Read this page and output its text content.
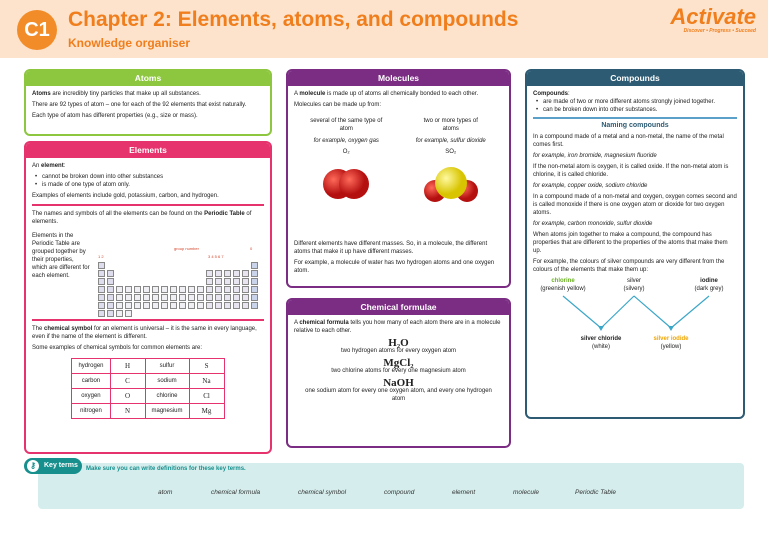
C1 Chapter 2: Elements, atoms, and compounds
Knowledge organiser
Activate
Discover • Progress • Succeed
Atoms

Atoms are incredibly tiny particles that make up all substances.

There are 92 types of atom – one for each of the 92 elements that exist naturally.

Each type of atom has different properties (e.g., size or mass).

Elements

An element:

• cannot be broken down into other substances
• is made of one type of atom only.

Examples of elements include gold, potassium, carbon, and hydrogen.

The names and symbols of all the elements can be found on the Periodic Table of elements.

Elements in the Periodic Table are grouped together by their properties, which are different for each element.

The chemical symbol for an element is universal – it is the same in every language, even if the name of the element is different.

Some examples of chemical symbols for common elements are:

hydrogen	H	sulfur	S
carbon	C	sodium	Na
oxygen	O	chlorine	Cl
nitrogen	N	magnesium	Mg
group number	0
1 2	3 4 5 6 7
Molecules

A molecule is made up of atoms all chemically bonded to each other.

Molecules can be made up from:

several of the same type of atom

for example, oxygen gas

O₂

two or more types of atoms

for example, sulfur dioxide

SO₂

Different elements have different masses. So, in a molecule, the different atoms that make it up have different masses.

For example, a molecule of water has two hydrogen atoms and one oxygen atom.

Chemical formulae

A chemical formula tells you how many of each atom there are in a molecule relative to each other.

H₂O
two hydrogen atoms for every oxygen atom
MgCl₂
two chlorine atoms for every one magnesium atom
NaOH
one sodium atom for every one oxygen atom, and every one hydrogen atom
Compounds

Compounds:

• are made of two or more different atoms strongly joined together.
• can be broken down into other substances.

Naming compounds

In a compound made of a metal and a non-metal, the name of the metal comes first.

for example, iron bromide, magnesium fluoride

If the non-metal atom is oxygen, it is called oxide. If the non-metal atom is chlorine, it is called chloride.

for example, copper oxide, sodium chloride

In a compound made of a non-metal and oxygen, oxygen comes second and is called monoxide if there is one oxygen atom or dioxide for two oxygen atoms.

for example, carbon monoxide, sulfur dioxide

When atoms join together to make a compound, the compound has properties that are different to the properties of the atoms that make them up.

For example, the colours of silver compounds are very different from the colours of the elements that make them up:

chlorine
(greenish yellow)
silver
(silvery)
iodine
(dark grey)
silver chloride
(white)
silver iodide
(yellow)
⚷	Key terms	Make sure you can write definitions for these key terms.
atom	chemical formula	chemical symbol	compound	element	molecule	Periodic Table
